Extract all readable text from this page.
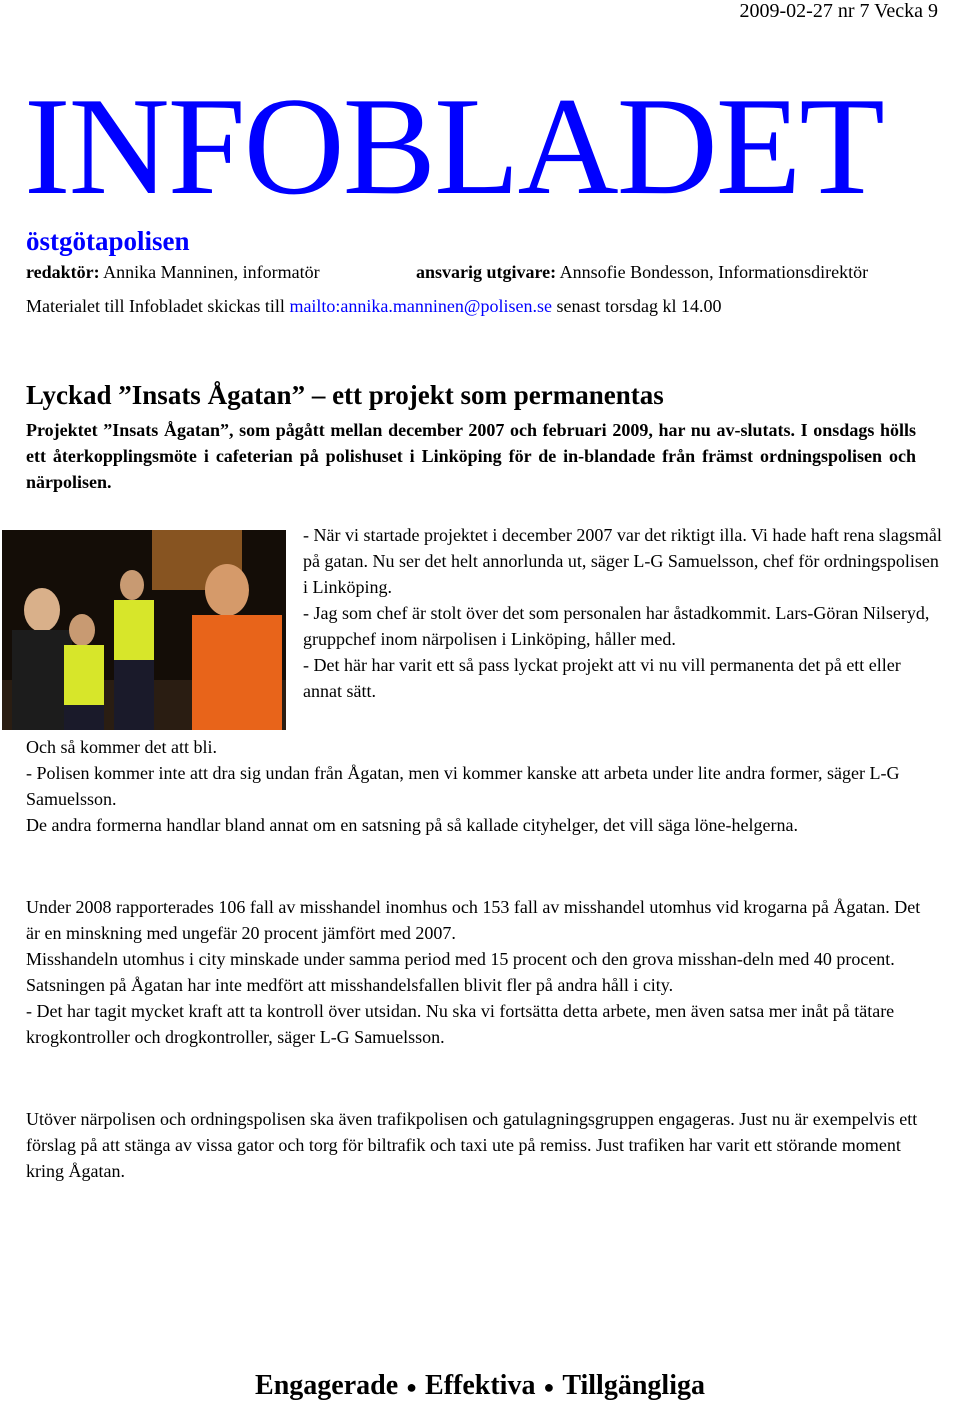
2009-02-27 nr 7 Vecka 9
INFOBLADET
östgötapolisen
redaktör: Annika Manninen, informatör	ansvarig utgivare: Annsofie Bondesson, Informationsdirektör
Materialet till Infobladet skickas till mailto:annika.manninen@polisen.se senast torsdag kl 14.00
Lyckad ”Insats Ågatan” – ett projekt som permanentas

Projektet ”Insats Ågatan”, som pågått mellan december 2007 och februari 2009, har nu av-slutats. I onsdags hölls ett återkopplingsmöte i cafeterian på polishuset i Linköping för de in-blandade från främst ordningspolisen och närpolisen.

- När vi startade projektet i december 2007 var det riktigt illa. Vi hade haft rena slagsmål på gatan. Nu ser det helt annorlunda ut, säger L-G Samuelsson, chef för ordningspolisen i Linköping.

- Jag som chef är stolt över det som personalen har åstadkommit. Lars-Göran Nilseryd, gruppchef inom närpolisen i Linköping, håller med.

- Det här har varit ett så pass lyckat projekt att vi nu vill permanenta det på ett eller annat sätt.

Och så kommer det att bli.

- Polisen kommer inte att dra sig undan från Ågatan, men vi kommer kanske att arbeta under lite andra former, säger L-G Samuelsson.

De andra formerna handlar bland annat om en satsning på så kallade cityhelger, det vill säga löne-helgerna.

Under 2008 rapporterades 106 fall av misshandel inomhus och 153 fall av misshandel utomhus vid krogarna på Ågatan. Det är en minskning med ungefär 20 procent jämfört med 2007.

Misshandeln utomhus i city minskade under samma period med 15 procent och den grova misshan-deln med 40 procent. Satsningen på Ågatan har inte medfört att misshandelsfallen blivit fler på andra håll i city.

- Det har tagit mycket kraft att ta kontroll över utsidan. Nu ska vi fortsätta detta arbete, men även satsa mer inåt på tätare krogkontroller och drogkontroller, säger L-G Samuelsson.

Utöver närpolisen och ordningspolisen ska även trafikpolisen och gatulagningsgruppen engageras. Just nu är exempelvis ett förslag på att stänga av vissa gator och torg för biltrafik och taxi ute på remiss. Just trafiken har varit ett störande moment kring Ågatan.

Engagerade ● Effektiva ● Tillgängliga
